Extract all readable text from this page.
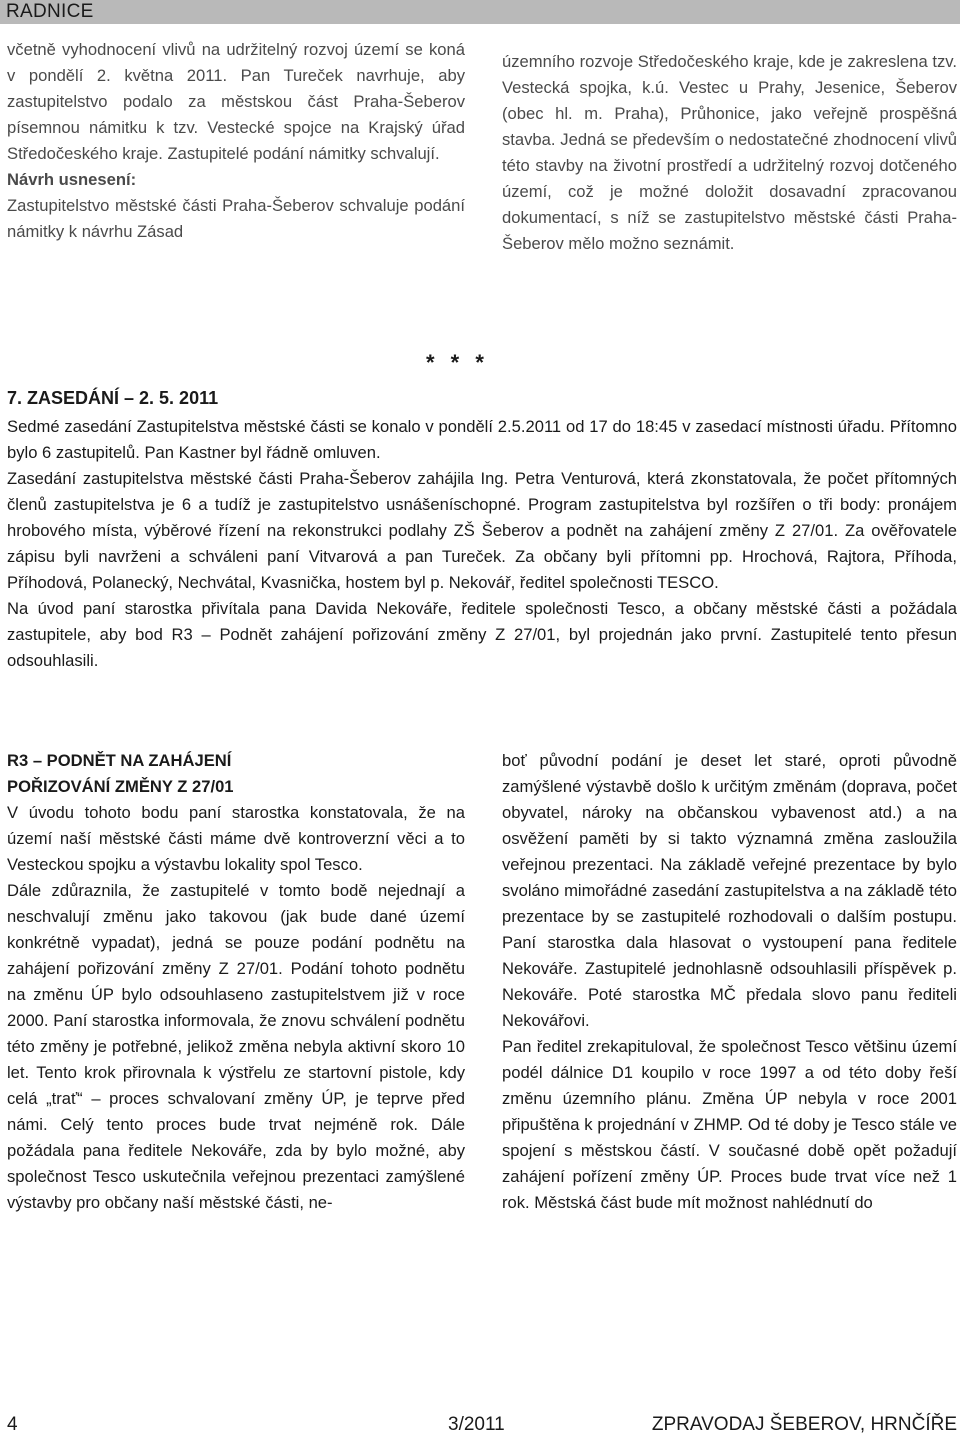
RADNICE

včetně vyhodnocení vlivů na udržitelný rozvoj území se koná v pondělí 2. května 2011. Pan Tureček navrhuje, aby zastupitelstvo podalo za městskou část Praha-Šeberov písemnou námitku k tzv. Vestecké spojce na Krajský úřad Středočeského kraje. Zastupitelé podání námitky schvalují.

Návrh usnesení:

Zastupitelstvo městské části Praha-Šeberov schvaluje podání námitky k návrhu Zásad

územního rozvoje Středočeského kraje, kde je zakreslena tzv. Vestecká spojka, k.ú. Vestec u Prahy, Jesenice, Šeberov (obec hl. m. Praha), Průhonice, jako veřejně prospěšná stavba. Jedná se především o nedostatečné zhodnocení vlivů této stavby na životní prostředí a udržitelný rozvoj dotčeného území, což je možné doložit dosavadní zpracovanou dokumentací, s níž se zastupitelstvo městské části Praha-Šeberov mělo možno seznámit.

* * *
7. ZASEDÁNÍ – 2. 5. 2011

Sedmé zasedání Zastupitelstva městské části se konalo v pondělí 2.5.2011 od 17 do 18:45 v zasedací místnosti úřadu. Přítomno bylo 6 zastupitelů. Pan Kastner byl řádně omluven.

Zasedání zastupitelstva městské části Praha-Šeberov zahájila Ing. Petra Venturová, která zkonstatovala, že počet přítomných členů zastupitelstva je 6 a tudíž je zastupitelstvo usnášeníschopné. Program zastupitelstva byl rozšířen o tři body: pronájem hrobového místa, výběrové řízení na rekonstrukci podlahy ZŠ Šeberov a podnět na zahájení změny Z 27/01. Za ověřovatele zápisu byli navrženi a schváleni paní Vitvarová a pan Tureček. Za občany byli přítomni pp. Hrochová, Rajtora, Příhoda, Příhodová, Polanecký, Nechvátal, Kvasnička, hostem byl p. Nekovář, ředitel společnosti TESCO.

Na úvod paní starostka přivítala pana Davida Nekováře, ředitele společnosti Tesco, a občany městské části a požádala zastupitele, aby bod R3 – Podnět zahájení pořizování změny Z 27/01, byl projednán jako první. Zastupitelé tento přesun odsouhlasili.

R3 – PODNĚT NA ZAHÁJENÍ
POŘIZOVÁNÍ ZMĚNY Z 27/01

V úvodu tohoto bodu paní starostka konstatovala, že na území naší městské části máme dvě kontroverzní věci a to Vesteckou spojku a výstavbu lokality spol Tesco.

Dále zdůraznila, že zastupitelé v tomto bodě nejednají a neschvalují změnu jako takovou (jak bude dané území konkrétně vypadat), jedná se pouze podání podnětu na zahájení pořizování změny Z 27/01. Podání tohoto podnětu na změnu ÚP bylo odsouhlaseno zastupitelstvem již v roce 2000. Paní starostka informovala, že znovu schválení podnětu této změny je potřebné, jelikož změna nebyla aktivní skoro 10 let. Tento krok přirovnala k výstřelu ze startovní pistole, kdy celá „trať“ – proces schvalovaní změny ÚP, je teprve před námi. Celý tento proces bude trvat nejméně rok. Dále požádala pana ředitele Nekováře, zda by bylo možné, aby společnost Tesco uskutečnila veřejnou prezentaci zamýšlené výstavby pro občany naší městské části, ne-

boť původní podání je deset let staré, oproti původně zamýšlené výstavbě došlo k určitým změnám (doprava, počet obyvatel, nároky na občanskou vybavenost atd.) a na osvěžení paměti by si takto významná změna zasloužila veřejnou prezentaci. Na základě veřejné prezentace by bylo svoláno mimořádné zasedání zastupitelstva a na základě této prezentace by se zastupitelé rozhodovali o dalším postupu. Paní starostka dala hlasovat o vystoupení pana ředitele Nekováře. Zastupitelé jednohlasně odsouhlasili příspěvek p. Nekováře. Poté starostka MČ předala slovo panu řediteli Nekovářovi.

Pan ředitel zrekapituloval, že společnost Tesco většinu území podél dálnice D1 koupilo v roce 1997 a od této doby řeší změnu územního plánu. Změna ÚP nebyla v roce 2001 připuštěna k projednání v ZHMP. Od té doby je Tesco stále ve spojení s městskou částí. V současné době opět požadují zahájení pořízení změny ÚP. Proces bude trvat více než 1 rok. Městská část bude mít možnost nahlédnutí do

4	3/2011	ZPRAVODAJ ŠEBEROV, HRNČÍŘE
